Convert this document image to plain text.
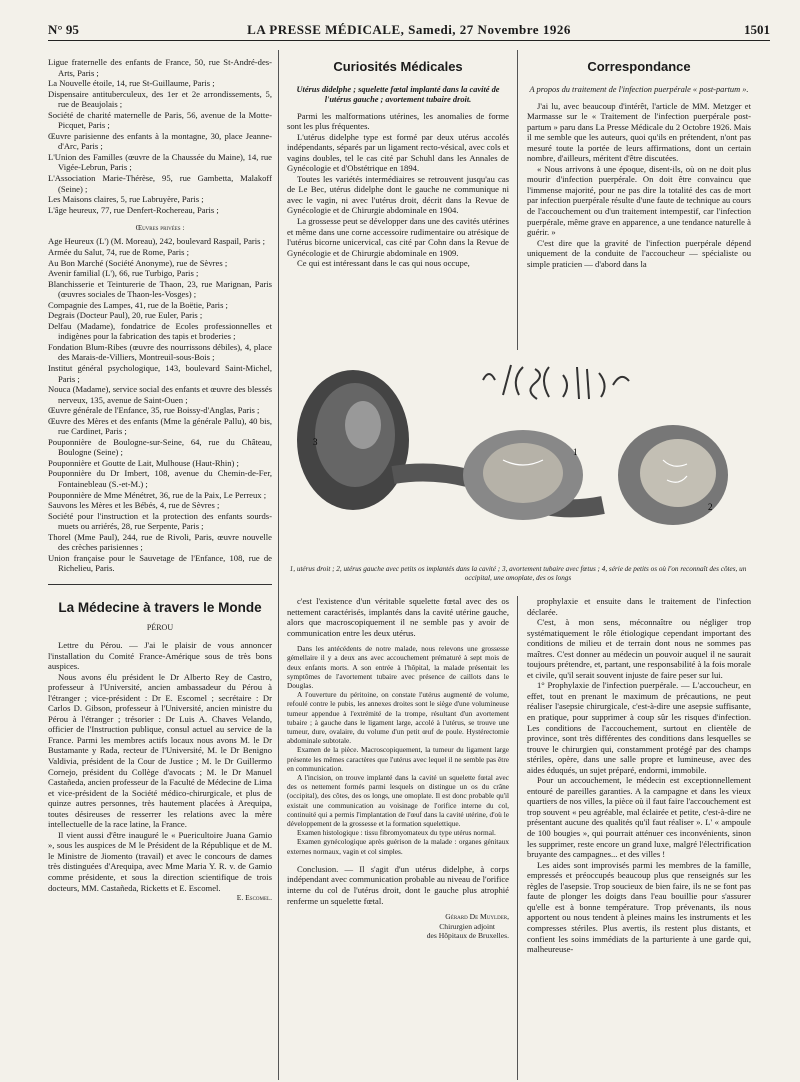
N° 95	LA PRESSE MÉDICALE, Samedi, 27 Novembre 1926	1501

Ligue fraternelle des enfants de France, 50, rue St-André-des-Arts, Paris ;

La Nouvelle étoile, 14, rue St-Guillaume, Paris ;

Dispensaire antituberculeux, des 1er et 2e arrondissements, 5, rue de Beaujolais ;

Société de charité maternelle de Paris, 56, avenue de la Motte-Picquet, Paris ;

Œuvre parisienne des enfants à la montagne, 30, place Jeanne-d'Arc, Paris ;

L'Union des Familles (œuvre de la Chaussée du Maine), 14, rue Vigée-Lebrun, Paris ;

L'Association Marie-Thérèse, 95, rue Gambetta, Malakoff (Seine) ;

Les Maisons claires, 5, rue Labruyère, Paris ;

L'âge heureux, 77, rue Denfert-Rochereau, Paris ;

Œuvres privées :

Age Heureux (L') (M. Moreau), 242, boulevard Raspail, Paris ;

Armée du Salut, 74, rue de Rome, Paris ;

Au Bon Marché (Société Anonyme), rue de Sèvres ;

Avenir familial (L'), 66, rue Turbigo, Paris ;

Blanchisserie et Teinturerie de Thaon, 23, rue Marignan, Paris (œuvres sociales de Thaon-les-Vosges) ;

Compagnie des Lampes, 41, rue de la Boëtie, Paris ;

Degrais (Docteur Paul), 20, rue Euler, Paris ;

Delfau (Madame), fondatrice de Ecoles professionnelles et indigènes pour la fabrication des tapis et broderies ;

Fondation Blum-Ribes (œuvre des nourrissons débiles), 4, place des Marais-de-Villiers, Montreuil-sous-Bois ;

Institut général psychologique, 143, boulevard Saint-Michel, Paris ;

Nouca (Madame), service social des enfants et œuvre des blessés nerveux, 135, avenue de Saint-Ouen ;

Œuvre générale de l'Enfance, 35, rue Boissy-d'Anglas, Paris ;

Œuvre des Mères et des enfants (Mme la générale Pallu), 40 bis, rue Cardinet, Paris ;

Pouponnière de Boulogne-sur-Seine, 64, rue du Château, Boulogne (Seine) ;

Pouponnière et Goutte de Lait, Mulhouse (Haut-Rhin) ;

Pouponnière du Dr Imbert, 108, avenue du Chemin-de-Fer, Fontainebleau (S.-et-M.) ;

Pouponnière de Mme Ménétret, 36, rue de la Paix, Le Perreux ;

Sauvons les Mères et les Bébés, 4, rue de Sèvres ;

Société pour l'instruction et la protection des enfants sourds-muets ou arriérés, 28, rue Serpente, Paris ;

Thorel (Mme Paul), 244, rue de Rivoli, Paris, œuvre nouvelle des crèches parisiennes ;

Union française pour le Sauvetage de l'Enfance, 108, rue de Richelieu, Paris.

La Médecine à travers le Monde

PÉROU

Lettre du Pérou. — J'ai le plaisir de vous annoncer l'installation du Comité France-Amérique sous de très bons auspices.

Nous avons élu président le Dr Alberto Rey de Castro, professeur à l'Université, ancien ambassadeur du Pérou à l'étranger ; vice-président : Dr E. Escomel ; secrétaire : Dr Carlos D. Gibson, professeur à l'Université, ancien ministre du Pérou à l'étranger ; trésorier : Dr Luis A. Chaves Velando, officier de l'Instruction publique, consul actuel au service de la France. Parmi les membres actifs locaux nous avons M. le Dr Bustamante y Rada, recteur de l'Université, M. le Dr Benigno Valdivia, président de la Cour de Justice ; M. le Dr Guillermo Cornejo, président du Collège d'avocats ; M. le Dr Manuel Castañeda, ancien professeur de la Faculté de Médecine de Lima et vice-président de la Société médico-chirurgicale, et plus de quinze autres personnes, très hautement placées à Arequipa, toutes désireuses de resserrer les relations avec la mère intellectuelle de la race latine, la France.

Il vient aussi d'être inauguré le « Puericultoire Juana Gamio », sous les auspices de M le Président de la République et de M. le Ministre de Jiomento (travail) et avec le concours de dames très distinguées d'Arequipa, avec Mme Maria Y. R. v. de Gamio comme présidente, et sous la direction scientifique de trois docteurs, MM. Castañeda, Ricketts et E. Escomel.

E. Escomel.

Curiosités Médicales

Utérus didelphe ; squelette fœtal implanté dans la cavité de l'utérus gauche ; avortement tubaire droit.

Parmi les malformations utérines, les anomalies de forme sont les plus fréquentes.

L'utérus didelphe type est formé par deux utérus accolés indépendants, séparés par un ligament recto-vésical, avec cols et vagins doubles, tel le cas cité par Schuhl dans les Annales de Gynécologie et d'Obstétrique en 1894.

Toutes les variétés intermédiaires se retrouvent jusqu'au cas de Le Bec, utérus didelphe dont le gauche ne communique ni avec le vagin, ni avec l'utérus droit, décrit dans la Revue de Gynécologie et de Chirurgie abdominale en 1904.

La grossesse peut se développer dans une des cavités utérines et même dans une corne accessoire rudimentaire ou atrésique de l'utérus bicorne unicervical, cas cité par Cohn dans la Revue de Gynécologie et de Chirurgie abdominale en 1909.

Ce qui est intéressant dans le cas qui nous occupe,

Correspondance

A propos du traitement de l'infection puerpérale « post-partum ».

J'ai lu, avec beaucoup d'intérêt, l'article de MM. Metzger et Marmasse sur le « Traitement de l'infection puerpérale post-partum » paru dans La Presse Médicale du 2 Octobre 1926. Mais il me semble que les auteurs, quoi qu'ils en prétendent, n'ont pas mesuré toute la portée de leurs affirmations, dont un certain nombre, d'ailleurs, méritent d'être discutées.

« Nous arrivons à une époque, disent-ils, où on ne doit plus mourir d'infection puerpérale. On doit être convaincu que l'immense majorité, pour ne pas dire la totalité des cas de mort par infection puerpérale résulte d'une faute de technique au cours de l'accouchement ou d'un traitement intempestif, car l'infection puerpérale, même grave en apparence, a une tendance naturelle à guérir. »

C'est dire que la gravité de l'infection puerpérale dépend uniquement de la conduite de l'accoucheur — spécialiste ou simple praticien — d'abord dans la

3
1
2
1, utérus droit ; 2, utérus gauche avec petits os implantés dans la cavité ; 3, avortement tubaire avec fœtus ; 4, série de petits os où l'on reconnaît des côtes, un occipital, une omoplate, des os longs

c'est l'existence d'un véritable squelette fœtal avec des os nettement caractérisés, implantés dans la cavité utérine gauche, alors que macroscopiquement il ne semble pas y avoir de communication entre les deux utérus.

Dans les antécédents de notre malade, nous relevons une grossesse gémellaire il y a deux ans avec accouchement prématuré à sept mois de deux enfants morts. A son entrée à l'hôpital, la malade présentait les symptômes de l'avortement tubaire avec présence de caillots dans le Douglas.

A l'ouverture du péritoine, on constate l'utérus augmenté de volume, refoulé contre le pubis, les annexes droites sont le siège d'une volumineuse tumeur appendue à l'extrémité de la trompe, résultant d'un avortement tubaire ; à gauche dans le ligament large, accolé à l'utérus, se trouve une tumeur, dure, ovalaire, du volume d'un petit œuf de poule. Hystérectomie abdominale subtotale.

Examen de la pièce. Macroscopiquement, la tumeur du ligament large présente les mêmes caractères que l'utérus avec lequel il ne semble pas être en communication.

A l'incision, on trouve implanté dans la cavité un squelette fœtal avec des os nettement formés parmi lesquels on distingue un os du crâne (occipital), des côtes, des os longs, une omoplate. Il est donc probable qu'il existait une communication au voisinage de l'orifice interne du col, continuité qui a permis l'implantation de l'œuf dans la cavité utérine, d'où le développement de la grossesse et la formation squelettique.

Examen histologique : tissu fibromyomateux du type utérus normal.

Examen gynécologique après guérison de la malade : organes génitaux externes normaux, vagin et col simples.

Conclusion. — Il s'agit d'un utérus didelphe, à corps indépendant avec communication probable au niveau de l'orifice interne du col de l'utérus droit, dont le gauche plus atrophié renferme un squelette fœtal.

Gérard De Muylder,

Chirurgien adjoint

des Hôpitaux de Bruxelles.

prophylaxie et ensuite dans le traitement de l'infection déclarée.

C'est, à mon sens, méconnaître ou négliger trop systématiquement le rôle étiologique cependant important des conditions de milieu et de terrain dont nous ne sommes pas maîtres. C'est donner au médecin un pouvoir auquel il ne saurait toujours prétendre, et, partant, une responsabilité à la fois morale et civile, qu'il serait souvent injuste de faire peser sur lui.

1° Prophylaxie de l'infection puerpérale. — L'accoucheur, en effet, tout en prenant le maximum de précautions, ne peut réaliser l'asepsie chirurgicale, c'est-à-dire une asepsie suffisante, en pratique, pour supprimer à coup sûr les risques d'infection. Les conditions de l'accouchement, surtout en clientèle de province, sont très différentes des conditions dans lesquelles se trouve le chirurgien qui, constamment protégé par des champs stériles, opère, dans une salle propre et lumineuse, avec des aides éduqués, un sujet préparé, endormi, immobile.

Pour un accouchement, le médecin est exceptionnellement entouré de pareilles garanties. A la campagne et dans les vieux quartiers de nos villes, la pièce où il faut faire l'accouchement est trop souvent « peu agréable, mal éclairée et petite, c'est-à-dire ne présentant aucune des qualités qu'il faut réaliser ». L' « ampoule de 100 bougies », qui pourrait atténuer ces inconvénients, sinon les supprimer, reste encore un grand luxe, malgré l'électrification bruyante des campagnes... et des villes !

Les aides sont improvisés parmi les membres de la famille, empressés et préoccupés beaucoup plus que renseignés sur les règles de l'asepsie. Trop soucieux de bien faire, ils ne se font pas faute de plonger les doigts dans l'eau bouillie pour s'assurer qu'elle est à bonne température. Trop prévenants, ils nous apportent ou nous tendent à pleines mains les instruments et les compresses stériles. Plus avertis, ils restent plus distants, et confient les soins immédiats de la parturiente à une garde qui, malheureuse-
